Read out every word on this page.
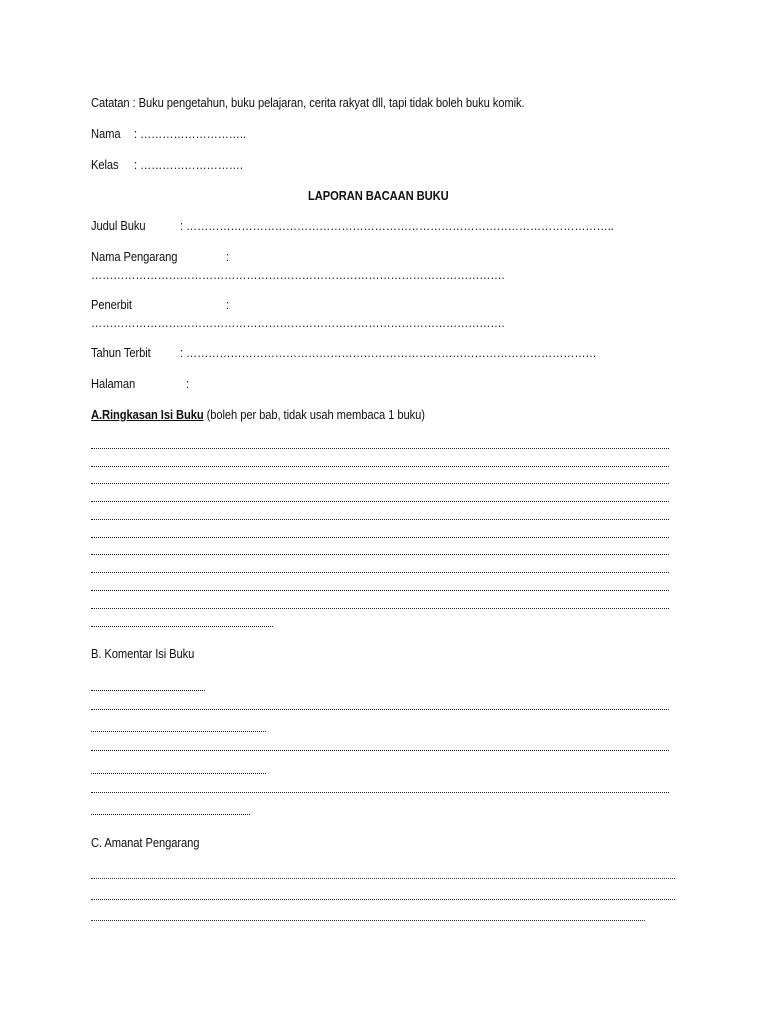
Catatan : Buku pengetahun, buku pelajaran, cerita rakyat dll, tapi tidak boleh buku komik.
Nama : ………………………..
Kelas : ……………………….
LAPORAN BACAAN BUKU
Judul Buku	: ……………………………………………………………………………………………………..
Nama Pengarang	:
………………………………………………………………………………………………….
Penerbit	:
………………………………………………………………………………………………….
Tahun Terbit : …………………………………………………………………………………………………
Halaman	:
A.Ringkasan Isi Buku (boleh per bab, tidak usah membaca 1 buku)
B. Komentar Isi Buku
C. Amanat Pengarang
